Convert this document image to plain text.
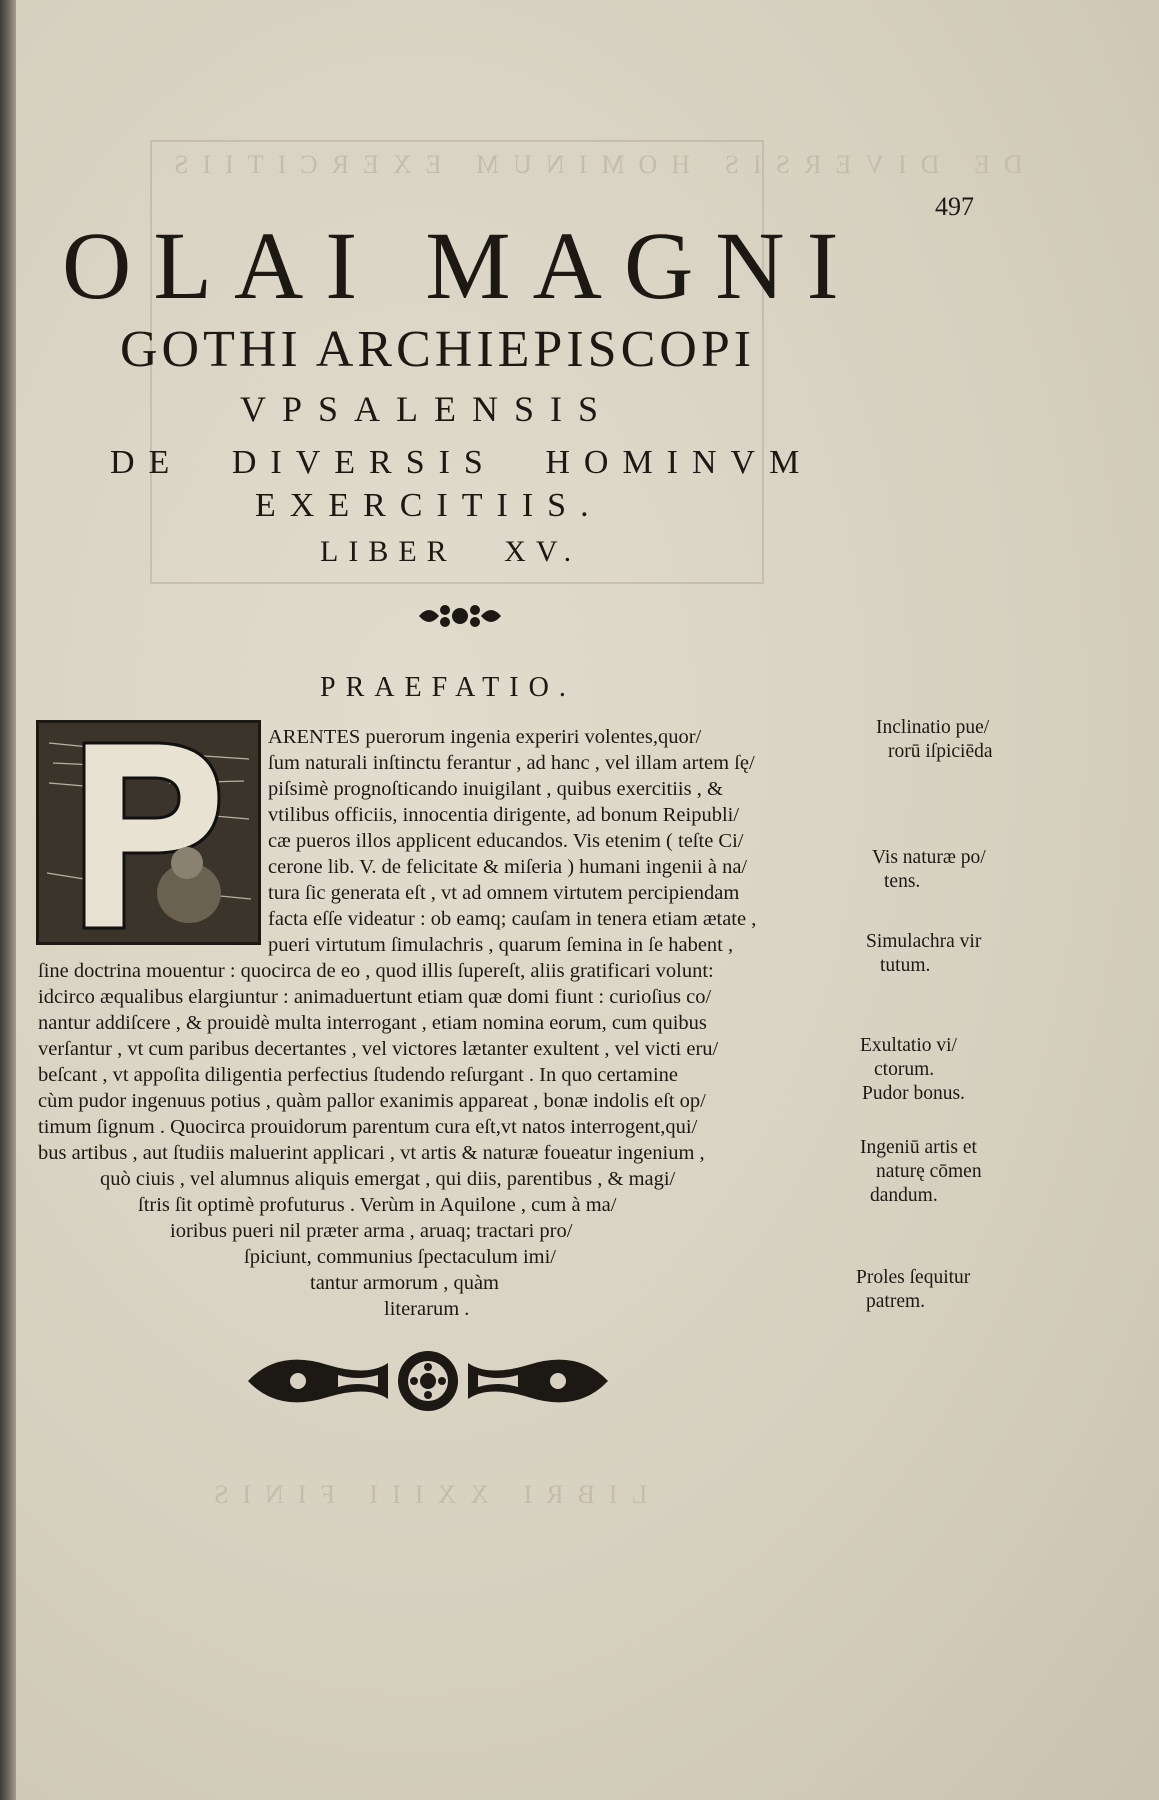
DE DIVERSIS HOMINUM EXERCITIIS
LIBRI XXIII FINIS
497
OLAI MAGNI
GOTHI ARCHIEPISCOPI
VPSALENSIS
DE DIVERSIS HOMINVM
EXERCITIIS.
LIBER XV.
PRAEFATIO.
ARENTES puerorum ingenia experiri volentes,quor/
ſum naturali inſtinctu ferantur , ad hanc , vel illam artem ſę/
piſsimè prognoſticando inuigilant , quibus exercitiis , &
vtilibus officiis, innocentia dirigente, ad bonum Reipubli/
cæ pueros illos applicent educandos. Vis etenim ( teſte Ci/
cerone lib. V. de felicitate & miſeria ) humani ingenii à na/
tura ſic generata eſt , vt ad omnem virtutem percipiendam
facta eſſe videatur : ob eamq; cauſam in tenera etiam ætate ,
pueri virtutum ſimulachris , quarum ſemina in ſe habent ,
ſine doctrina mouentur : quocirca de eo , quod illis ſupereſt, aliis gratificari volunt:
idcirco æqualibus elargiuntur : animaduertunt etiam quæ domi fiunt : curioſius co/
nantur addiſcere , & prouidè multa interrogant , etiam nomina eorum, cum quibus
verſantur , vt cum paribus decertantes , vel victores lætanter exultent , vel victi eru/
beſcant , vt appoſita diligentia perfectius ſtudendo reſurgant . In quo certamine
cùm pudor ingenuus potius , quàm pallor exanimis appareat , bonæ indolis eſt op/
timum ſignum . Quocirca prouidorum parentum cura eſt,vt natos interrogent,qui/
bus artibus , aut ſtudiis maluerint applicari , vt artis & naturæ foueatur ingenium ,
quò ciuis , vel alumnus aliquis emergat , qui diis, parentibus , & magi/
ſtris ſit optimè profuturus . Verùm in Aquilone , cum à ma/
ioribus pueri nil præter arma , aruaq; tractari pro/
ſpiciunt, communius ſpectaculum imi/
tantur armorum , quàm
literarum .
Inclinatio pue/
rorū iſpiciēda
Vis naturæ po/
tens.
Simulachra vir
tutum.
Exultatio vi/
ctorum.
Pudor bonus.
Ingeniū artis et
naturę cōmen
dandum.
Proles ſequitur
patrem.
